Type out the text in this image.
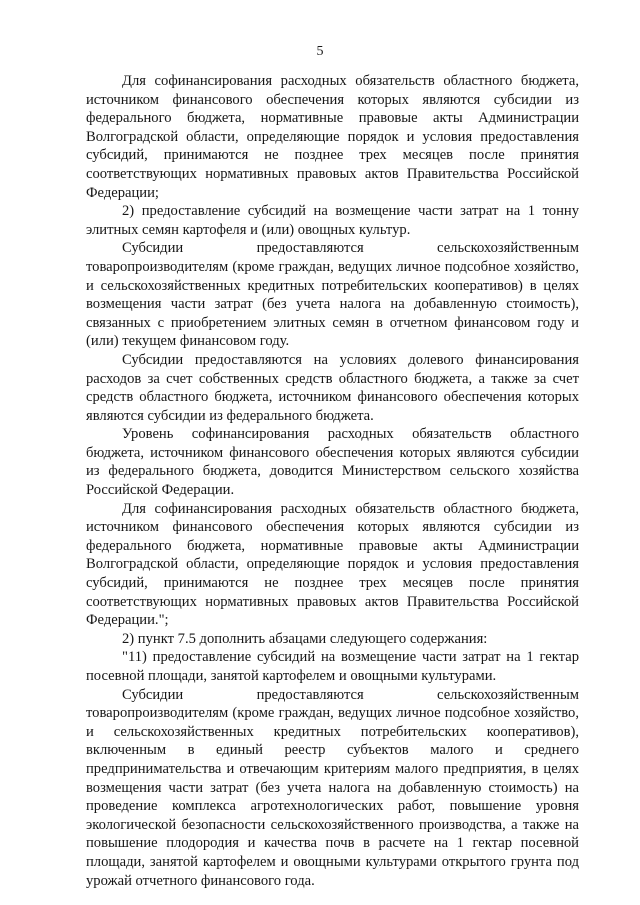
5

Для софинансирования расходных обязательств областного бюджета, источником финансового обеспечения которых являются субсидии из федерального бюджета, нормативные правовые акты Администрации Волгоградской области, определяющие порядок и условия предоставления субсидий, принимаются не позднее трех месяцев после принятия соответствующих нормативных правовых актов Правительства Российской Федерации;

2) предоставление субсидий на возмещение части затрат на 1 тонну элитных семян картофеля и (или) овощных культур.

Субсидии предоставляются сельскохозяйственным товаропроизводителям (кроме граждан, ведущих личное подсобное хозяйство, и сельскохозяйственных кредитных потребительских кооперативов) в целях возмещения части затрат (без учета налога на добавленную стоимость), связанных с приобретением элитных семян в отчетном финансовом году и (или) текущем финансовом году.

Субсидии предоставляются на условиях долевого финансирования расходов за счет собственных средств областного бюджета, а также за счет средств областного бюджета, источником финансового обеспечения которых являются субсидии из федерального бюджета.

Уровень софинансирования расходных обязательств областного бюджета, источником финансового обеспечения которых являются субсидии из федерального бюджета, доводится Министерством сельского хозяйства Российской Федерации.

Для софинансирования расходных обязательств областного бюджета, источником финансового обеспечения которых являются субсидии из федерального бюджета, нормативные правовые акты Администрации Волгоградской области, определяющие порядок и условия предоставления субсидий, принимаются не позднее трех месяцев после принятия соответствующих нормативных правовых актов Правительства Российской Федерации.";

2) пункт 7.5 дополнить абзацами следующего содержания:

"11) предоставление субсидий на возмещение части затрат на 1 гектар посевной площади, занятой картофелем и овощными культурами.

Субсидии предоставляются сельскохозяйственным товаропроизводителям (кроме граждан, ведущих личное подсобное хозяйство, и сельскохозяйственных кредитных потребительских кооперативов), включенным в единый реестр субъектов малого и среднего предпринимательства и отвечающим критериям малого предприятия, в целях возмещения части затрат (без учета налога на добавленную стоимость) на проведение комплекса агротехнологических работ, повышение уровня экологической безопасности сельскохозяйственного производства, а также на повышение плодородия и качества почв в расчете на 1 гектар посевной площади, занятой картофелем и овощными культурами открытого грунта под урожай отчетного финансового года.
